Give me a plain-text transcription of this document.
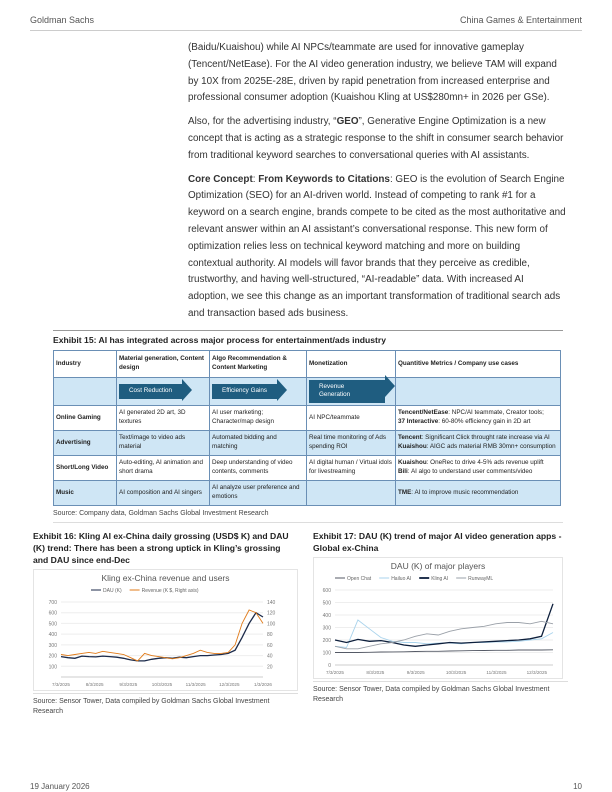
Goldman Sachs	China Games & Entertainment

(Baidu/Kuaishou) while AI NPCs/teammate are used for innovative gameplay (Tencent/NetEase). For the AI video generation industry, we believe TAM will expand by 10X from 2025E-28E, driven by rapid penetration from increased enterprise and professional consumer adoption (Kuaishou Kling at US$280mn+ in 2026 per GSe).

Also, for the advertising industry, “GEO”, Generative Engine Optimization is a new concept that is acting as a strategic response to the shift in consumer search behavior from traditional keyword searches to conversational queries with AI assistants.

Core Concept: From Keywords to Citations: GEO is the evolution of Search Engine Optimization (SEO) for an AI-driven world. Instead of competing to rank #1 for a keyword on a search engine, brands compete to be cited as the most authoritative and relevant answer within an AI assistant’s conversational response. This new form of optimization relies less on technical keyword matching and more on building contextual authority. AI models will favor brands that they perceive as credible, trustworthy, and having well-structured, “AI-readable” data. With increased AI adoption, we see this change as an important transformation of traditional search ads and transaction based ads business.

Exhibit 15: AI has integrated across major process for entertainment/ads industry
Industry	Material generation, Content design	Algo Recommendation & Content Marketing	Monetization	Quantitive Metrics / Company use cases
	Cost Reduction	Efficiency Gains	Revenue Generation	
Online Gaming	AI generated 2D art, 3D textures	AI user marketing; Character/map design	AI NPC/teammate	Tencent/NetEase: NPC/AI teammate, Creator tools;
37 Interactive: 60-80% efficiency gain in 2D art
Advertising	Text/image to video ads material	Automated bidding and matching	Real time monitoring of Ads spending ROI	Tencent: Significant Click throught rate increase via AI
Kuaishou: AIGC ads material RMB 30mn+ consumption
Short/Long Video	Auto-editing, AI animation and short drama	Deep understanding of video contents, comments	AI digital human / Virtual idols for livestreaming	Kuaishou: OneRec to drive 4-5% ads revenue uplift
Bili: AI algo to understand user comments/video
Music	AI composition and AI singers	AI analyze user preference and emotions		TME: AI to improve music recommendation

Source: Company data, Goldman Sachs Global Investment Research
Exhibit 16: Kling AI ex-China daily grossing (USD$ K) and DAU (K) trend: There has been a strong uptick in Kling’s grossing and DAU since end-Dec
Kling ex-China revenue and users
DAU (K)	Revenue (K $, Right axis)
100
200
300
400
500
600
700
20
40
60
80
100
120
140
7/3/2025	8/3/2025	9/3/2025	10/3/2025	11/3/2025	12/3/2025	1/3/2026
Source: Sensor Tower, Data compiled by Goldman Sachs Global Investment Research
Exhibit 17: DAU (K) trend of major AI video generation apps - Global ex-China
DAU (K) of major players
Open Chat	Hailuo AI	Kling AI	RunwayML
0
100
200
300
400
500
600
7/3/2025	8/3/2025	9/3/2025	10/3/2025	11/3/2025	12/3/2025
Source: Sensor Tower, Data compiled by Goldman Sachs Global Investment Research
19 January 2026	10
